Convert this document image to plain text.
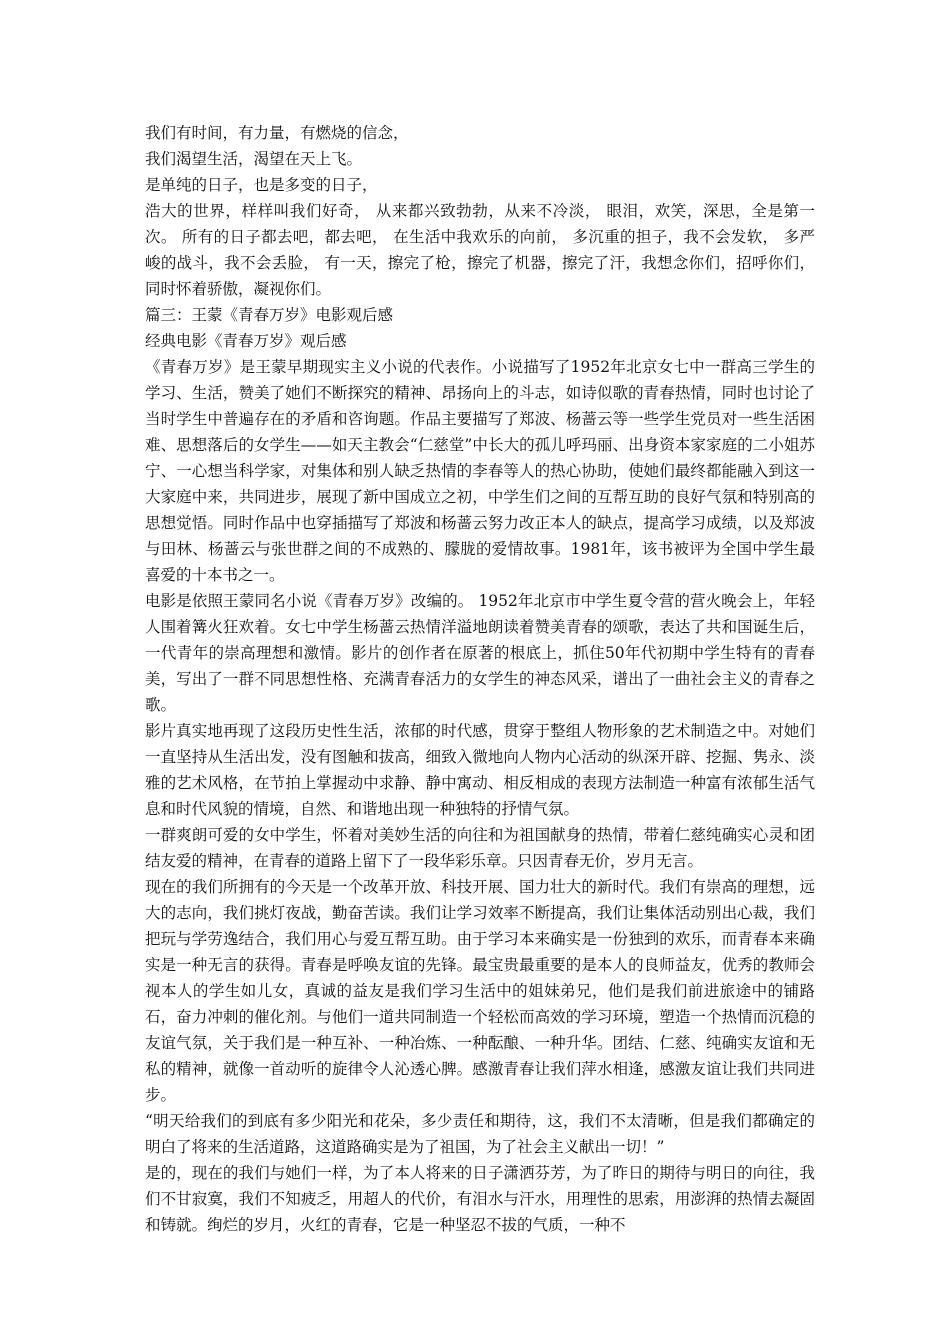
我们有时间，有力量，有燃烧的信念，

我们渴望生活，渴望在天上飞。

是单纯的日子，也是多变的日子，

浩大的世界，样样叫我们好奇， 从来都兴致勃勃，从来不冷淡， 眼泪，欢笑，深思，全是第一次。 所有的日子都去吧，都去吧， 在生活中我欢乐的向前， 多沉重的担子，我不会发软， 多严峻的战斗，我不会丢脸， 有一天，擦完了枪，擦完了机器，擦完了汗，我想念你们，招呼你们， 同时怀着骄傲，凝视你们。

篇三：王蒙《青春万岁》电影观后感

经典电影《青春万岁》观后感

《青春万岁》是王蒙早期现实主义小说的代表作。小说描写了1952年北京女七中一群高三学生的学习、生活，赞美了她们不断探究的精神、昂扬向上的斗志，如诗似歌的青春热情，同时也讨论了当时学生中普遍存在的矛盾和咨询题。作品主要描写了郑波、杨蔷云等一些学生党员对一些生活困难、思想落后的女学生——如天主教会“仁慈堂”中长大的孤儿呼玛丽、出身资本家家庭的二小姐苏宁、一心想当科学家，对集体和别人缺乏热情的李春等人的热心协助，使她们最终都能融入到这一大家庭中来，共同进步，展现了新中国成立之初，中学生们之间的互帮互助的良好气氛和特别高的思想觉悟。同时作品中也穿插描写了郑波和杨蔷云努力改正本人的缺点，提高学习成绩，以及郑波与田林、杨蔷云与张世群之间的不成熟的、朦胧的爱情故事。1981年，该书被评为全国中学生最喜爱的十本书之一。

电影是依照王蒙同名小说《青春万岁》改编的。 1952年北京市中学生夏令营的营火晚会上，年轻人围着篝火狂欢着。女七中学生杨蔷云热情洋溢地朗读着赞美青春的颂歌，表达了共和国诞生后，一代青年的崇高理想和激情。影片的创作者在原著的根底上，抓住50年代初期中学生特有的青春美，写出了一群不同思想性格、充满青春活力的女学生的神态风采，谱出了一曲社会主义的青春之歌。

影片真实地再现了这段历史性生活，浓郁的时代感，贯穿于整组人物形象的艺术制造之中。对她们一直坚持从生活出发，没有图触和拔高，细致入微地向人物内心活动的纵深开辟、挖掘、隽永、淡雅的艺术风格，在节拍上掌握动中求静、静中寓动、相反相成的表现方法制造一种富有浓郁生活气息和时代风貌的情境，自然、和谐地出现一种独特的抒情气氛。

一群爽朗可爱的女中学生，怀着对美妙生活的向往和为祖国献身的热情，带着仁慈纯确实心灵和团结友爱的精神，在青春的道路上留下了一段华彩乐章。只因青春无价，岁月无言。

现在的我们所拥有的今天是一个改革开放、科技开展、国力壮大的新时代。我们有崇高的理想，远大的志向，我们挑灯夜战，勤奋苦读。我们让学习效率不断提高，我们让集体活动别出心裁，我们把玩与学劳逸结合，我们用心与爱互帮互助。由于学习本来确实是一份独到的欢乐，而青春本来确实是一种无言的获得。青春是呼唤友谊的先锋。最宝贵最重要的是本人的良师益友，优秀的教师会视本人的学生如儿女，真诚的益友是我们学习生活中的姐妹弟兄，他们是我们前进旅途中的铺路石，奋力冲刺的催化剂。与他们一道共同制造一个轻松而高效的学习环境，塑造一个热情而沉稳的友谊气氛，关于我们是一种互补、一种冶炼、一种酝酿、一种升华。团结、仁慈、纯确实友谊和无私的精神，就像一首动听的旋律令人沁透心脾。感激青春让我们萍水相逢，感激友谊让我们共同进步。

“明天给我们的到底有多少阳光和花朵，多少责任和期待，这，我们不太清晰，但是我们都确定的明白了将来的生活道路，这道路确实是为了祖国，为了社会主义献出一切！”

是的，现在的我们与她们一样，为了本人将来的日子潇洒芬芳，为了昨日的期待与明日的向往，我们不甘寂寞，我们不知疲乏，用超人的代价，有泪水与汗水，用理性的思索，用澎湃的热情去凝固和铸就。绚烂的岁月，火红的青春，它是一种坚忍不拔的气质，一种不
